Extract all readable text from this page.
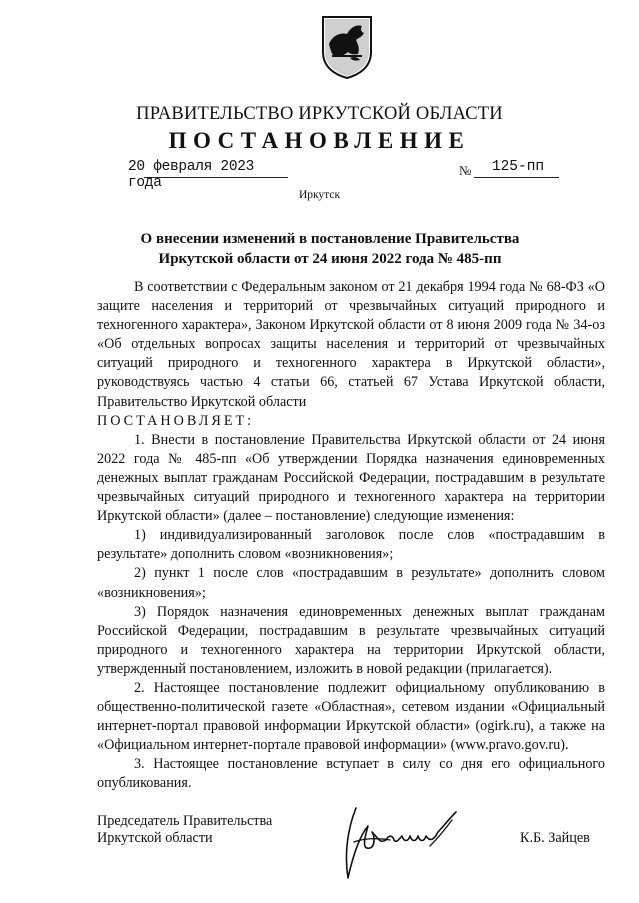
ПРАВИТЕЛЬСТВО ИРКУТСКОЙ ОБЛАСТИ
ПОСТАНОВЛЕНИЕ
20 февраля 2023 года
№	125-пп
Иркутск
О внесении изменений в постановление Правительства Иркутской области от 24 июня 2022 года № 485-пп

В соответствии с Федеральным законом от 21 декабря 1994 года № 68-ФЗ «О защите населения и территорий от чрезвычайных ситуаций природного и техногенного характера», Законом Иркутской области от 8 июня 2009 года № 34-оз «Об отдельных вопросах защиты населения и территорий от чрезвычайных ситуаций природного и техногенного характера в Иркутской области», руководствуясь частью 4 статьи 66, статьей 67 Устава Иркутской области, Правительство Иркутской области

ПОСТАНОВЛЯЕТ:

1. Внести в постановление Правительства Иркутской области от 24 июня 2022 года № 485-пп «Об утверждении Порядка назначения единовременных денежных выплат гражданам Российской Федерации, пострадавшим в результате чрезвычайных ситуаций природного и техногенного характера на территории Иркутской области» (далее – постановление) следующие изменения:

1) индивидуализированный заголовок после слов «пострадавшим в результате» дополнить словом «возникновения»;

2) пункт 1 после слов «пострадавшим в результате» дополнить словом «возникновения»;

3) Порядок назначения единовременных денежных выплат гражданам Российской Федерации, пострадавшим в результате чрезвычайных ситуаций природного и техногенного характера на территории Иркутской области, утвержденный постановлением, изложить в новой редакции (прилагается).

2. Настоящее постановление подлежит официальному опубликованию в общественно-политической газете «Областная», сетевом издании «Официальный интернет-портал правовой информации Иркутской области» (ogirk.ru), а также на «Официальном интернет-портале правовой информации» (www.pravo.gov.ru).

3. Настоящее постановление вступает в силу со дня его официального опубликования.

Председатель Правительства
Иркутской области	К.Б. Зайцев
